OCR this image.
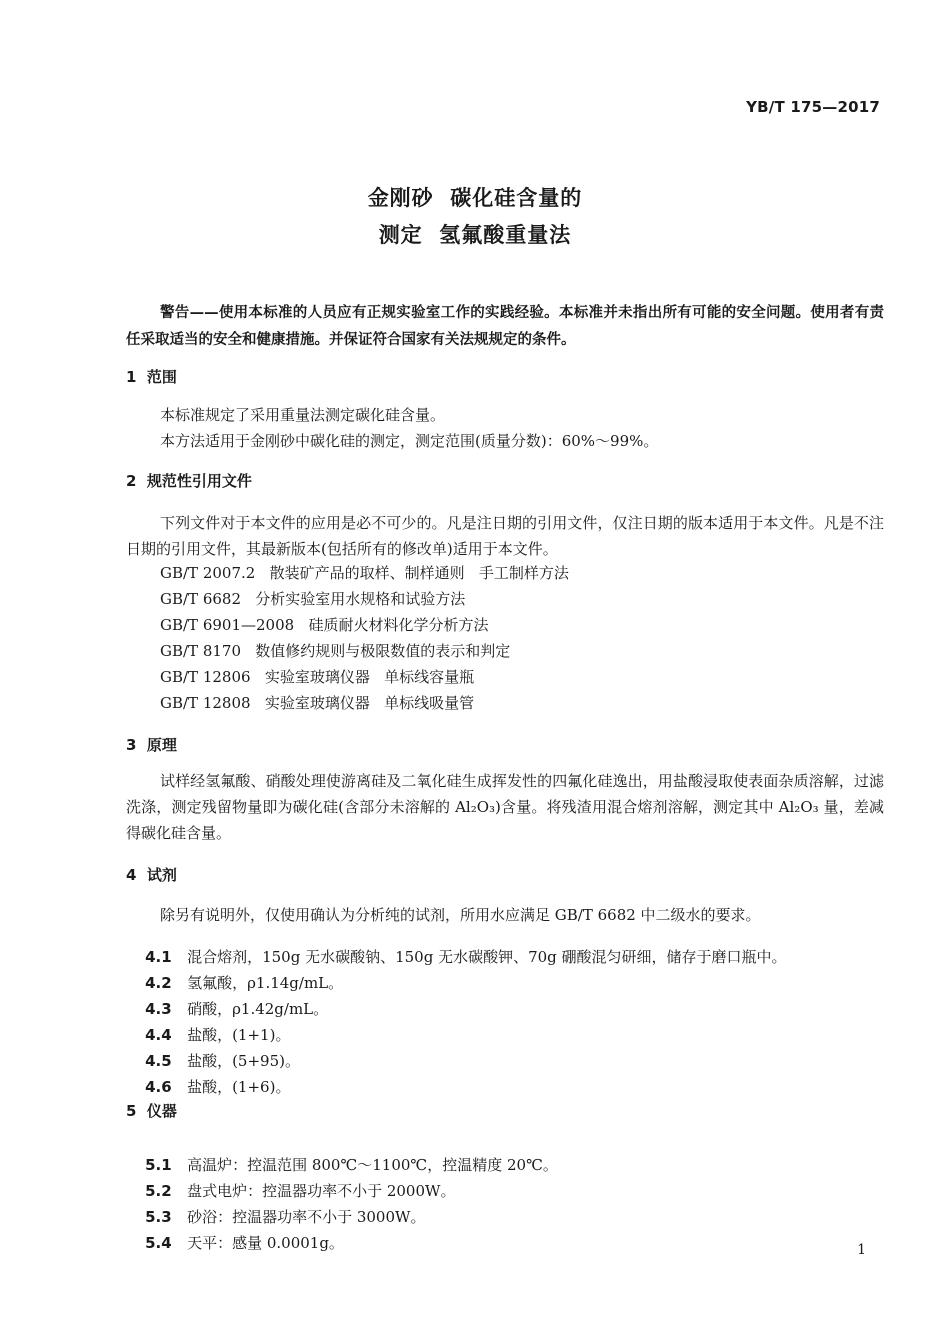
YB/T 175—2017
金刚砂  碳化硅含量的
测定  氢氟酸重量法
警告——使用本标准的人员应有正规实验室工作的实践经验。本标准并未指出所有可能的安全问题。使用者有责任采取适当的安全和健康措施。并保证符合国家有关法规规定的条件。
1  范围
本标准规定了采用重量法测定碳化硅含量。
本方法适用于金刚砂中碳化硅的测定，测定范围(质量分数)：60%～99%。
2  规范性引用文件
下列文件对于本文件的应用是必不可少的。凡是注日期的引用文件，仅注日期的版本适用于本文件。凡是不注日期的引用文件，其最新版本(包括所有的修改单)适用于本文件。
GB/T 2007.2   散装矿产品的取样、制样通则   手工制样方法
GB/T 6682   分析实验室用水规格和试验方法
GB/T 6901—2008   硅质耐火材料化学分析方法
GB/T 8170   数值修约规则与极限数值的表示和判定
GB/T 12806   实验室玻璃仪器   单标线容量瓶
GB/T 12808   实验室玻璃仪器   单标线吸量管
3  原理
试样经氢氟酸、硝酸处理使游离硅及二氧化硅生成挥发性的四氟化硅逸出，用盐酸浸取使表面杂质溶解，过滤洗涤，测定残留物量即为碳化硅(含部分未溶解的 Al₂O₃)含量。将残渣用混合熔剂溶解，测定其中 Al₂O₃ 量，差减得碳化硅含量。
4  试剂
除另有说明外，仅使用确认为分析纯的试剂，所用水应满足 GB/T 6682 中二级水的要求。

4.1 混合熔剂，150g 无水碳酸钠、150g 无水碳酸钾、70g 硼酸混匀研细，储存于磨口瓶中。

4.2 氢氟酸，ρ1.14g/mL。

4.3 硝酸，ρ1.42g/mL。

4.4 盐酸，(1+1)。

4.5 盐酸，(5+95)。

4.6 盐酸，(1+6)。

5  仪器

5.1 高温炉：控温范围 800℃～1100℃，控温精度 20℃。

5.2 盘式电炉：控温器功率不小于 2000W。

5.3 砂浴：控温器功率不小于 3000W。

5.4 天平：感量 0.0001g。
	1
